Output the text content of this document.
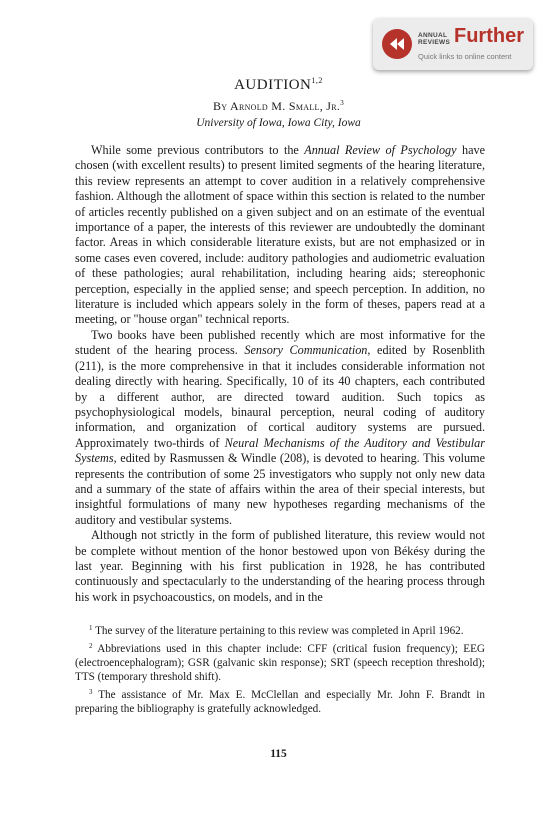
ANNUAL
REVIEWS Further
Quick links to online content
AUDITION$^{1,2}$
By Arnold M. Small, Jr.$^3$
University of Iowa, Iowa City, Iowa

While some previous contributors to the Annual Review of Psychology have chosen (with excellent results) to present limited segments of the hearing literature, this review represents an attempt to cover audition in a relatively comprehensive fashion. Although the allotment of space within this section is related to the number of articles recently published on a given subject and on an estimate of the eventual importance of a paper, the interests of this reviewer are undoubtedly the dominant factor. Areas in which considerable literature exists, but are not emphasized or in some cases even covered, include: auditory pathologies and audiometric evaluation of these pathologies; aural rehabilitation, including hearing aids; stereophonic perception, especially in the applied sense; and speech perception. In addition, no literature is included which appears solely in the form of theses, papers read at a meeting, or "house organ" technical reports.

Two books have been published recently which are most informative for the student of the hearing process. Sensory Communication, edited by Rosenblith (211), is the more comprehensive in that it includes considerable information not dealing directly with hearing. Specifically, 10 of its 40 chapters, each contributed by a different author, are directed toward audition. Such topics as psychophysiological models, binaural perception, neural coding of auditory information, and organization of cortical auditory systems are pursued. Approximately two-thirds of Neural Mechanisms of the Auditory and Vestibular Systems, edited by Rasmussen & Windle (208), is devoted to hearing. This volume represents the contribution of some 25 investigators who supply not only new data and a summary of the state of affairs within the area of their special interests, but insightful formulations of many new hypotheses regarding mechanisms of the auditory and vestibular systems.

Although not strictly in the form of published literature, this review would not be complete without mention of the honor bestowed upon von Békésy during the last year. Beginning with his first publication in 1928, he has contributed continuously and spectacularly to the understanding of the hearing process through his work in psychoacoustics, on models, and in the

$^1$ The survey of the literature pertaining to this review was completed in April 1962.

$^2$ Abbreviations used in this chapter include: CFF (critical fusion frequency); EEG (electroencephalogram); GSR (galvanic skin response); SRT (speech reception threshold); TTS (temporary threshold shift).

$^3$ The assistance of Mr. Max E. McClellan and especially Mr. John F. Brandt in preparing the bibliography is gratefully acknowledged.

115
